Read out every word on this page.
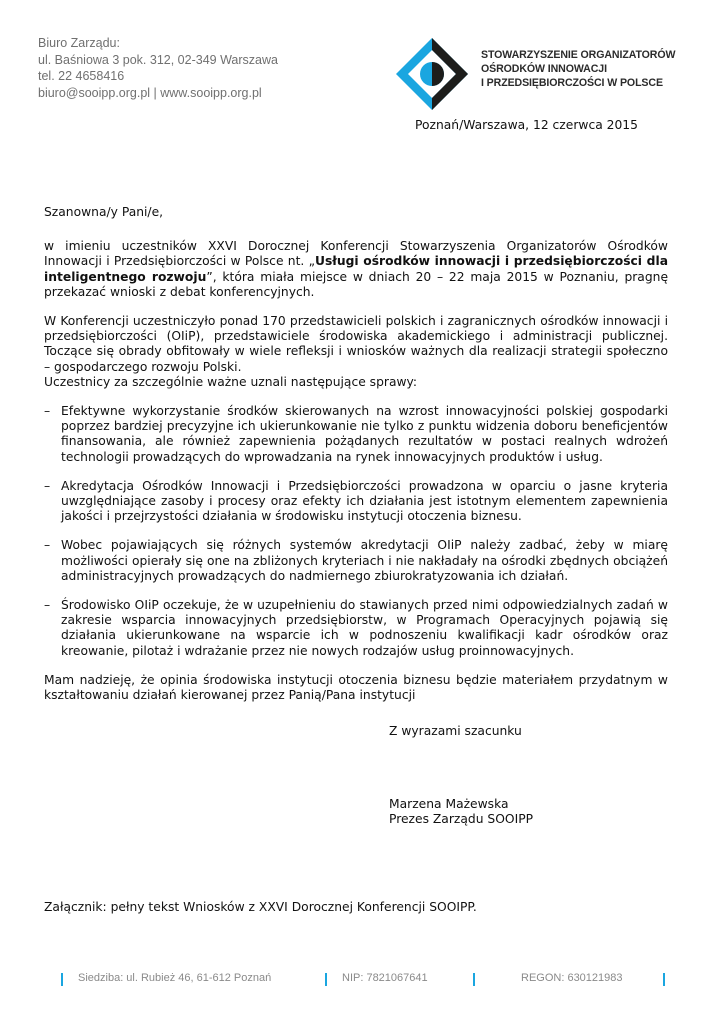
Biuro Zarządu:
ul. Baśniowa 3 pok. 312, 02-349 Warszawa
tel. 22 4658416
biuro@sooipp.org.pl | www.sooipp.org.pl
STOWARZYSZENIE ORGANIZATORÓW
OŚRODKÓW INNOWACJI
I PRZEDSIĘBIORCZOŚCI W POLSCE
Poznań/Warszawa, 12 czerwca 2015

Szanowna/y Pani/e,

w imieniu uczestników XXVI Dorocznej Konferencji Stowarzyszenia Organizatorów Ośrodków Innowacji i Przedsiębiorczości w Polsce nt. „Usługi ośrodków innowacji i przedsiębiorczości dla inteligentnego rozwoju”, która miała miejsce w dniach 20 – 22 maja 2015 w Poznaniu, pragnę przekazać wnioski z debat konferencyjnych.

W Konferencji uczestniczyło ponad 170 przedstawicieli polskich i zagranicznych ośrodków innowacji i przedsiębiorczości (OIiP), przedstawiciele środowiska akademickiego i administracji publicznej. Toczące się obrady obfitowały w wiele refleksji i wniosków ważnych dla realizacji strategii społeczno – gospodarczego rozwoju Polski.

Uczestnicy za szczególnie ważne uznali następujące sprawy:

– Efektywne wykorzystanie środków skierowanych na wzrost innowacyjności polskiej gospodarki poprzez bardziej precyzyjne ich ukierunkowanie nie tylko z punktu widzenia doboru beneficjentów finansowania, ale również zapewnienia pożądanych rezultatów w postaci realnych wdrożeń technologii prowadzących do wprowadzania na rynek innowacyjnych produktów i usług.
– Akredytacja Ośrodków Innowacji i Przedsiębiorczości prowadzona w oparciu o jasne kryteria uwzględniające zasoby i procesy oraz efekty ich działania jest istotnym elementem zapewnienia jakości i przejrzystości działania w środowisku instytucji otoczenia biznesu.
– Wobec pojawiających się różnych systemów akredytacji OIiP należy zadbać, żeby w miarę możliwości opierały się one na zbliżonych kryteriach i nie nakładały na ośrodki zbędnych obciążeń administracyjnych prowadzących do nadmiernego zbiurokratyzowania ich działań.
– Środowisko OIiP oczekuje, że w uzupełnieniu do stawianych przed nimi odpowiedzialnych zadań w zakresie wsparcia innowacyjnych przedsiębiorstw, w Programach Operacyjnych pojawią się działania ukierunkowane na wsparcie ich w podnoszeniu kwalifikacji kadr ośrodków oraz kreowanie, pilotaż i wdrażanie przez nie nowych rodzajów usług proinnowacyjnych.

Mam nadzieję, że opinia środowiska instytucji otoczenia biznesu będzie materiałem przydatnym w kształtowaniu działań kierowanej przez Panią/Pana instytucji

Z wyrazami szacunku
Marzena Mażewska
Prezes Zarządu SOOIPP
Załącznik: pełny tekst Wniosków z XXVI Dorocznej Konferencji SOOIPP.
Siedziba: ul. Rubież 46, 61-612 Poznań	NIP: 7821067641	REGON: 630121983
